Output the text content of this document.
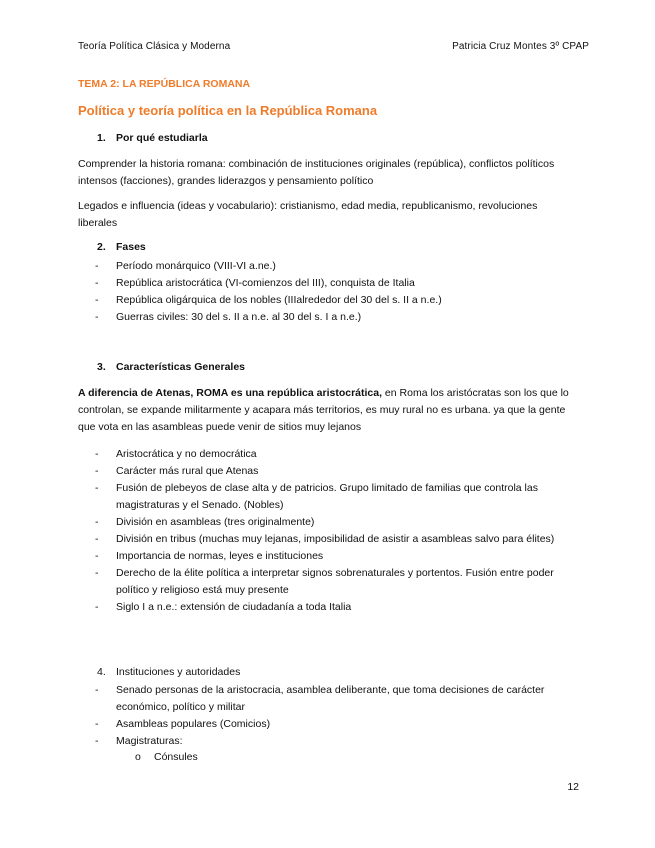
Teoría Política Clásica y Moderna	Patricia Cruz Montes 3º CPAP
TEMA 2: LA REPÚBLICA ROMANA
Política y teoría política en la República Romana
1. Por qué estudiarla
Comprender la historia romana: combinación de instituciones originales (república), conflictos políticos intensos (facciones), grandes liderazgos y pensamiento político
Legados e influencia (ideas y vocabulario): cristianismo, edad media, republicanismo, revoluciones liberales
2. Fases
- Período monárquico (VIII-VI a.ne.)
- República aristocrática (VI-comienzos del III), conquista de Italia
- República oligárquica de los nobles (IIIalrededor del 30 del s. II a n.e.)
- Guerras civiles: 30 del s. II a n.e. al 30 del s. I a n.e.)
3. Características Generales
A diferencia de Atenas, ROMA es una república aristocrática, en Roma los aristócratas son los que lo controlan, se expande militarmente y acapara más territorios, es muy rural no es urbana. ya que la gente que vota en las asambleas puede venir de sitios muy lejanos
- Aristocrática y no democrática
- Carácter más rural que Atenas
- Fusión de plebeyos de clase alta y de patricios. Grupo limitado de familias que controla las magistraturas y el Senado. (Nobles)
- División en asambleas (tres originalmente)
- División en tribus (muchas muy lejanas, imposibilidad de asistir a asambleas salvo para élites)
- Importancia de normas, leyes e instituciones
- Derecho de la élite política a interpretar signos sobrenaturales y portentos. Fusión entre poder político y religioso está muy presente
- Siglo I a n.e.: extensión de ciudadanía a toda Italia
4. Instituciones y autoridades
- Senado personas de la aristocracia, asamblea deliberante, que toma decisiones de carácter económico, político y militar
- Asambleas populares (Comicios)
- Magistraturas:
o Cónsules
12
